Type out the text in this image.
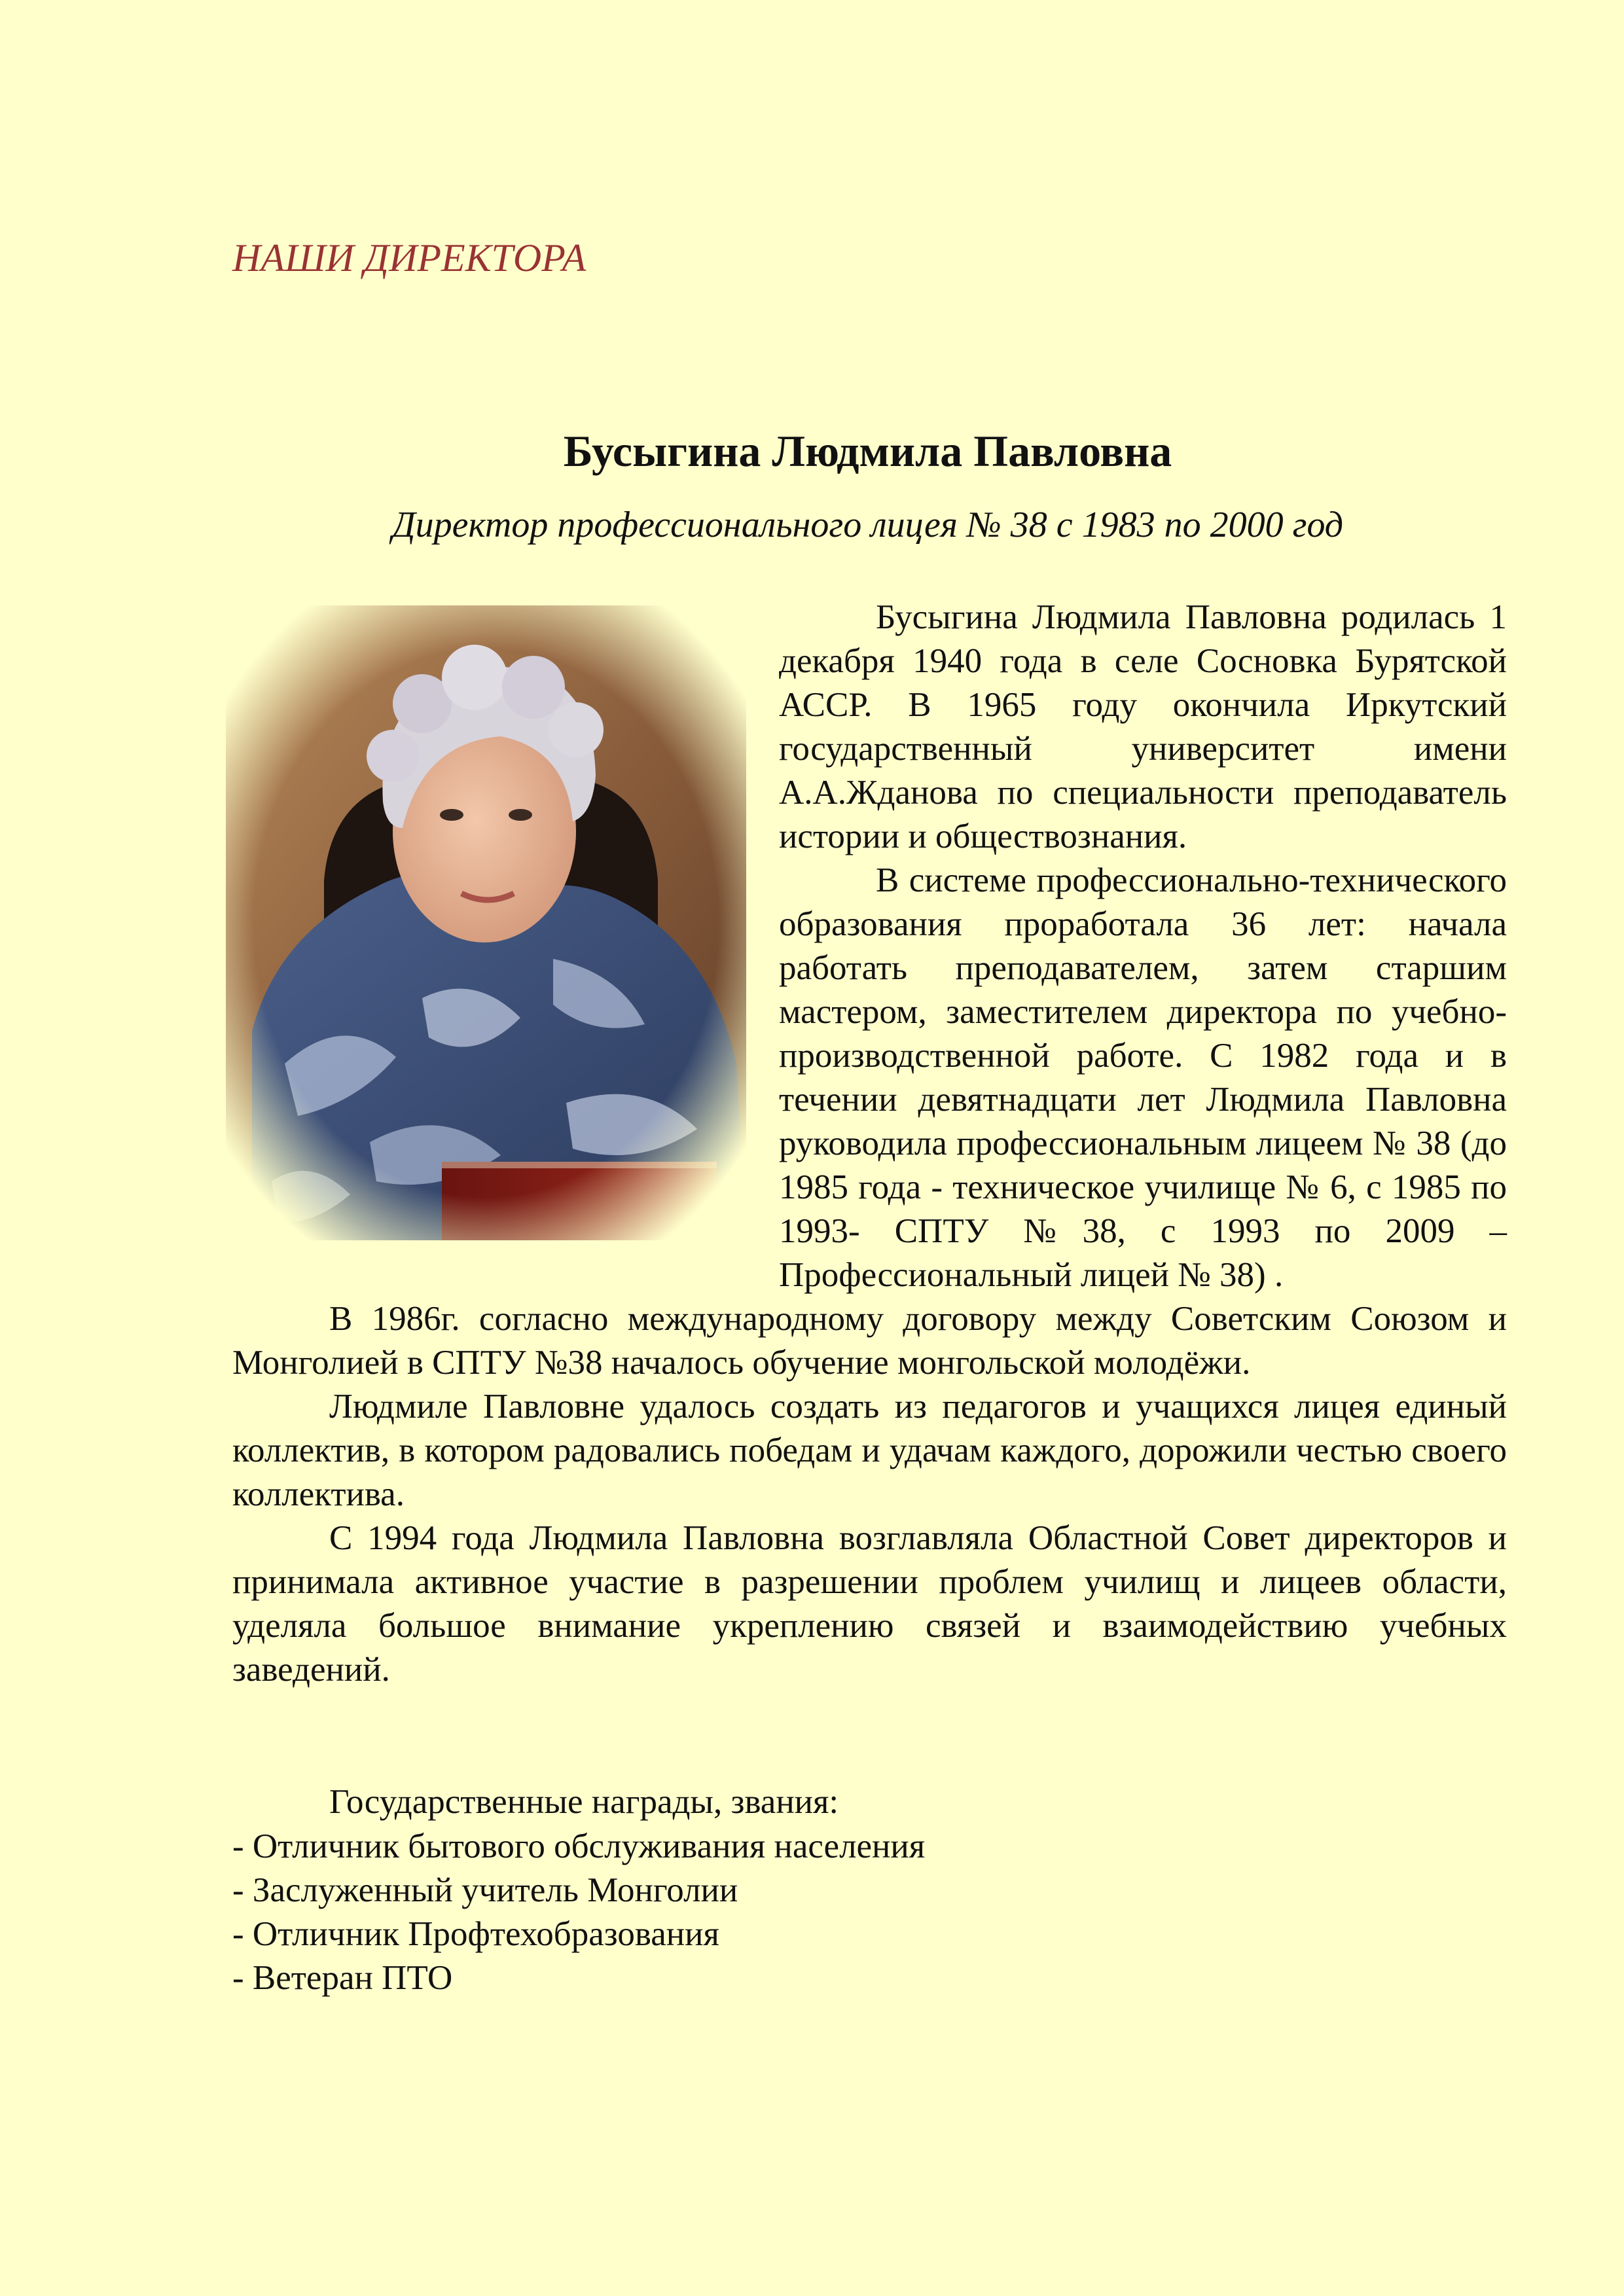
НАШИ ДИРЕКТОРА
Бусыгина Людмила Павловна
Директор профессионального лицея № 38 с 1983 по 2000 год

Бусыгина Людмила Павловна родилась 1 декабря 1940 года в селе Сосновка Бурятской АССР. В 1965 году окончила Иркутский государственный университет имени А.А.Жданова по специальности преподаватель истории и обществознания.

В системе профессионально-технического образования проработала 36 лет: начала работать преподавателем, затем старшим мастером, заместителем директора по учебно-производственной работе. С 1982 года и в течении девятнадцати лет Людмила Павловна руководила профессиональным лицеем № 38 (до 1985 года - техническое училище № 6, с 1985 по 1993- СПТУ №38, с 1993 по 2009 – Профессиональный лицей № 38) .

В 1986г. согласно международному договору между Советским Союзом и Монголией в СПТУ №38 началось обучение монгольской молодёжи.

Людмиле Павловне удалось создать из педагогов и учащихся лицея единый коллектив, в котором радовались победам и удачам каждого, дорожили честью своего коллектива.

С 1994 года Людмила Павловна возглавляла Областной Совет директоров и принимала активное участие в разрешении проблем училищ и лицеев области, уделяла большое внимание укреплению связей и взаимодействию учебных заведений.

Государственные награды, звания:
- Отличник бытового обслуживания населения
- Заслуженный учитель Монголии
- Отличник Профтехобразования
- Ветеран ПТО
